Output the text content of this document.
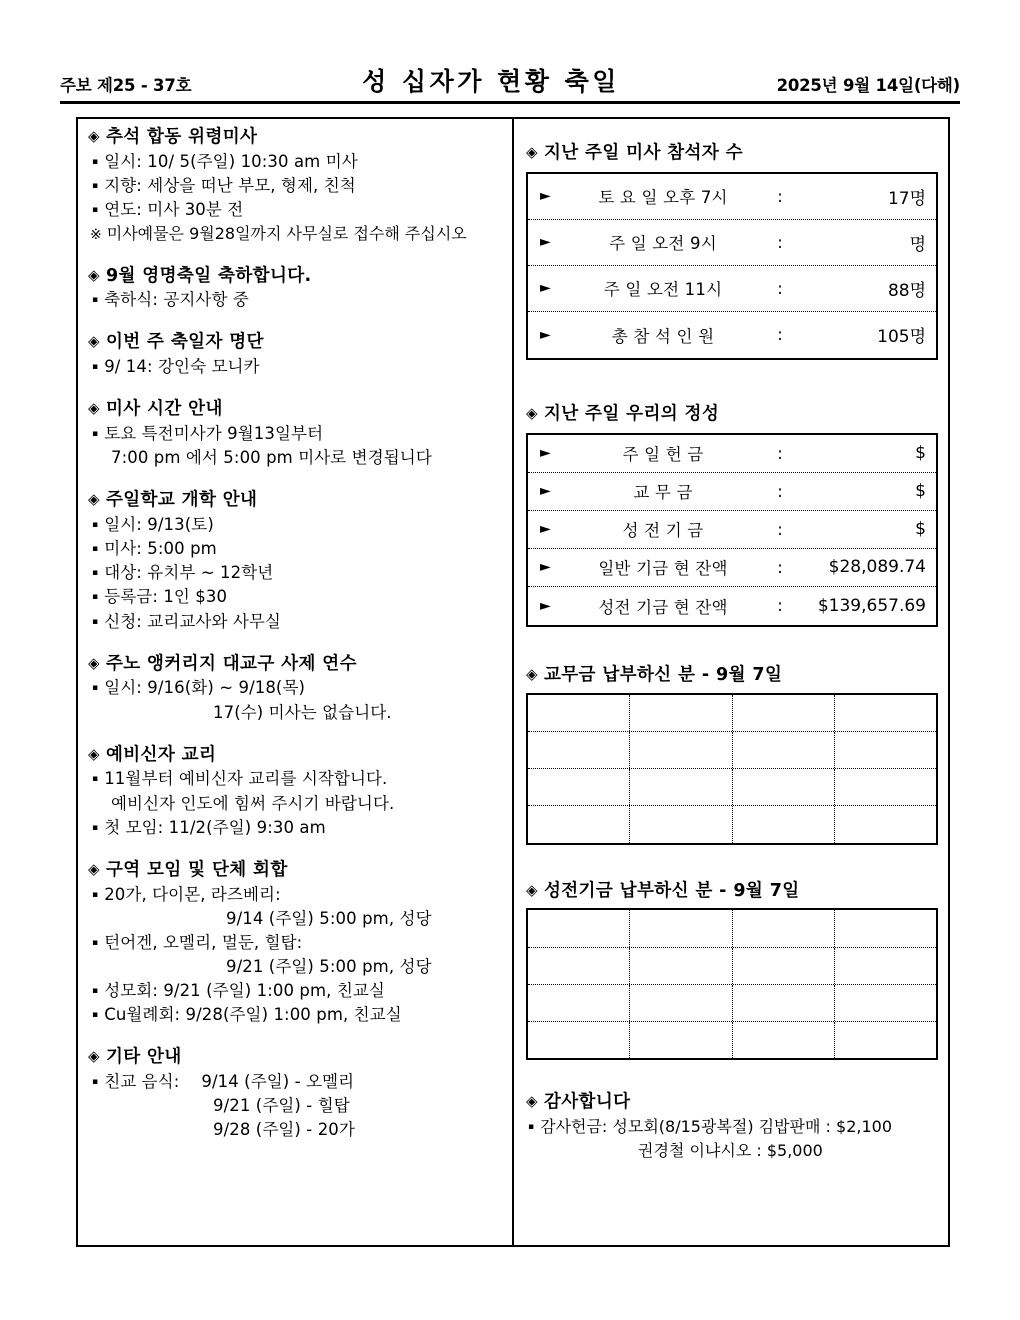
주보 제25 - 37호	성 십자가 현황 축일	2025년 9월 14일(다해)
◈ 추석 합동 위령미사
▪ 일시: 10/ 5(주일) 10:30 am 미사
▪ 지향: 세상을 떠난 부모, 형제, 친척
▪ 연도: 미사 30분 전
※ 미사예물은 9월28일까지 사무실로 접수해 주십시오
◈ 9월 영명축일 축하합니다.
▪ 축하식: 공지사항 중
◈ 이번 주 축일자 명단
▪ 9/ 14: 강인숙 모니카
◈ 미사 시간 안내
▪ 토요 특전미사가 9월13일부터
7:00 pm 에서 5:00 pm 미사로 변경됩니다
◈ 주일학교 개학 안내
▪ 일시: 9/13(토)
▪ 미사: 5:00 pm
▪ 대상: 유치부 ~ 12학년
▪ 등록금: 1인 $30
▪ 신청: 교리교사와 사무실
◈ 주노 앵커리지 대교구 사제 연수
▪ 일시: 9/16(화) ~ 9/18(목)
17(수) 미사는 없습니다.
◈ 예비신자 교리
▪ 11월부터 예비신자 교리를 시작합니다.
예비신자 인도에 힘써 주시기 바랍니다.
▪ 첫 모임: 11/2(주일) 9:30 am
◈ 구역 모임 및 단체 회합
▪ 20가, 다이몬, 라즈베리:
9/14 (주일) 5:00 pm, 성당
▪ 턴어겐, 오멜리, 멀둔, 힐탑:
9/21 (주일) 5:00 pm, 성당
▪ 성모회: 9/21 (주일) 1:00 pm, 친교실
▪ Cu월례회: 9/28(주일) 1:00 pm, 친교실
◈ 기타 안내
▪ 친교 음식:	9/14 (주일) - 오멜리
9/21 (주일) - 힐탑
9/28 (주일) - 20가
◈ 지난 주일 미사 참석자 수
►	토 요 일 오후 7시	:	17명
►	주 일 오전 9시	:	명
►	주 일 오전 11시	:	88명
►	총 참 석 인 원	:	105명
◈ 지난 주일 우리의 정성
►	주 일 헌 금	:	$
►	교 무 금	:	$
►	성 전 기 금	:	$
►	일반 기금 현 잔액	:	$28,089.74
►	성전 기금 현 잔액	:	$139,657.69
◈ 교무금 납부하신 분 - 9월 7일
◈ 성전기금 납부하신 분 - 9월 7일
◈ 감사합니다
▪ 감사헌금: 성모회(8/15광복절) 김밥판매 : $2,100
권경철 이냐시오 : $5,000
